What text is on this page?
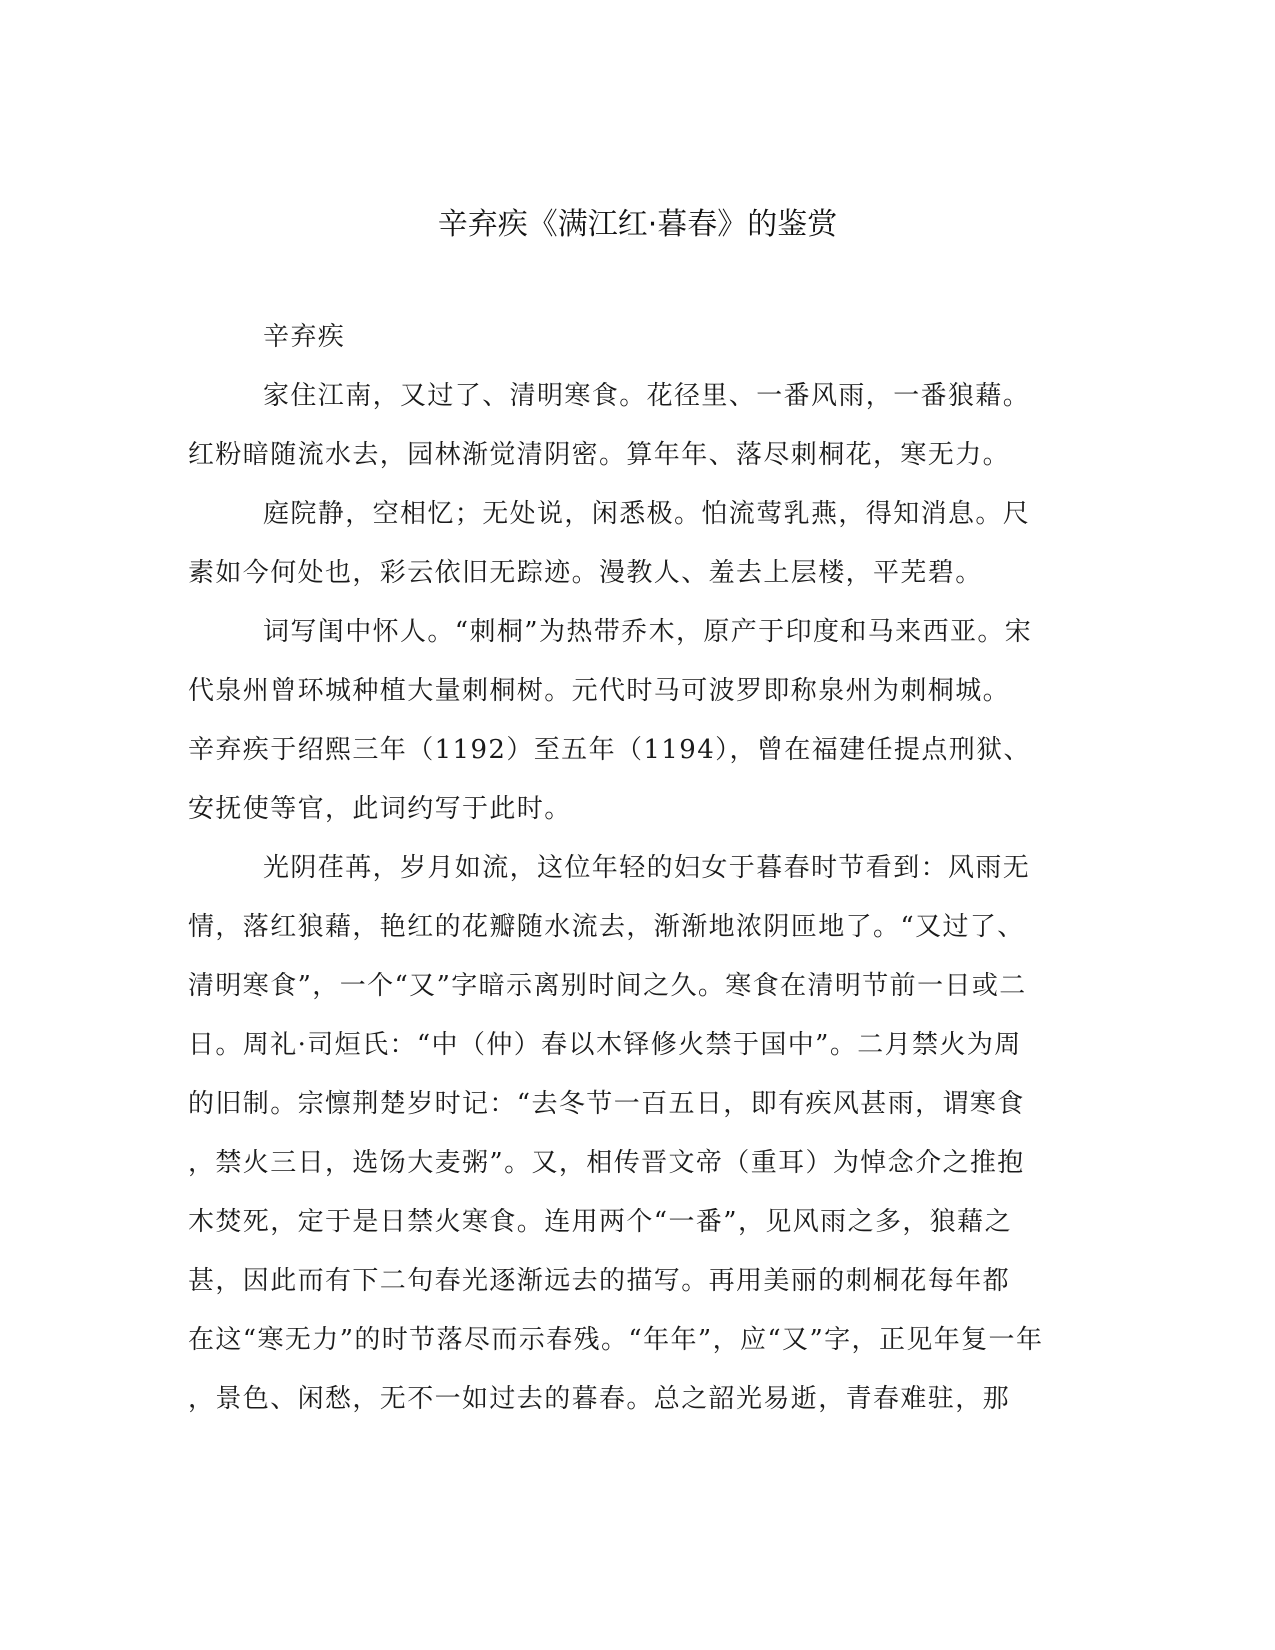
辛弃疾《满江红·暮春》的鉴赏
辛弃疾
家住江南，又过了、清明寒食。花径里、一番风雨，一番狼藉。
红粉暗随流水去，园林渐觉清阴密。算年年、落尽刺桐花，寒无力。
庭院静，空相忆；无处说，闲悉极。怕流莺乳燕，得知消息。尺
素如今何处也，彩云依旧无踪迹。漫教人、羞去上层楼，平芜碧。
词写闺中怀人。“刺桐”为热带乔木，原产于印度和马来西亚。宋
代泉州曾环城种植大量刺桐树。元代时马可波罗即称泉州为刺桐城。
辛弃疾于绍熙三年（1192）至五年（1194），曾在福建任提点刑狱、
安抚使等官，此词约写于此时。
光阴荏苒，岁月如流，这位年轻的妇女于暮春时节看到：风雨无
情，落红狼藉，艳红的花瓣随水流去，渐渐地浓阴匝地了。“又过了、
清明寒食”，一个“又”字暗示离别时间之久。寒食在清明节前一日或二
日。周礼·司烜氏：“中（仲）春以木铎修火禁于国中”。二月禁火为周
的旧制。宗懔荆楚岁时记：“去冬节一百五日，即有疾风甚雨，谓寒食
，禁火三日，选饧大麦粥”。又，相传晋文帝（重耳）为悼念介之推抱
木焚死，定于是日禁火寒食。连用两个“一番”，见风雨之多，狼藉之
甚，因此而有下二句春光逐渐远去的描写。再用美丽的刺桐花每年都
在这“寒无力”的时节落尽而示春残。“年年”，应“又”字，正见年复一年
，景色、闲愁，无不一如过去的暮春。总之韶光易逝，青春难驻，那
